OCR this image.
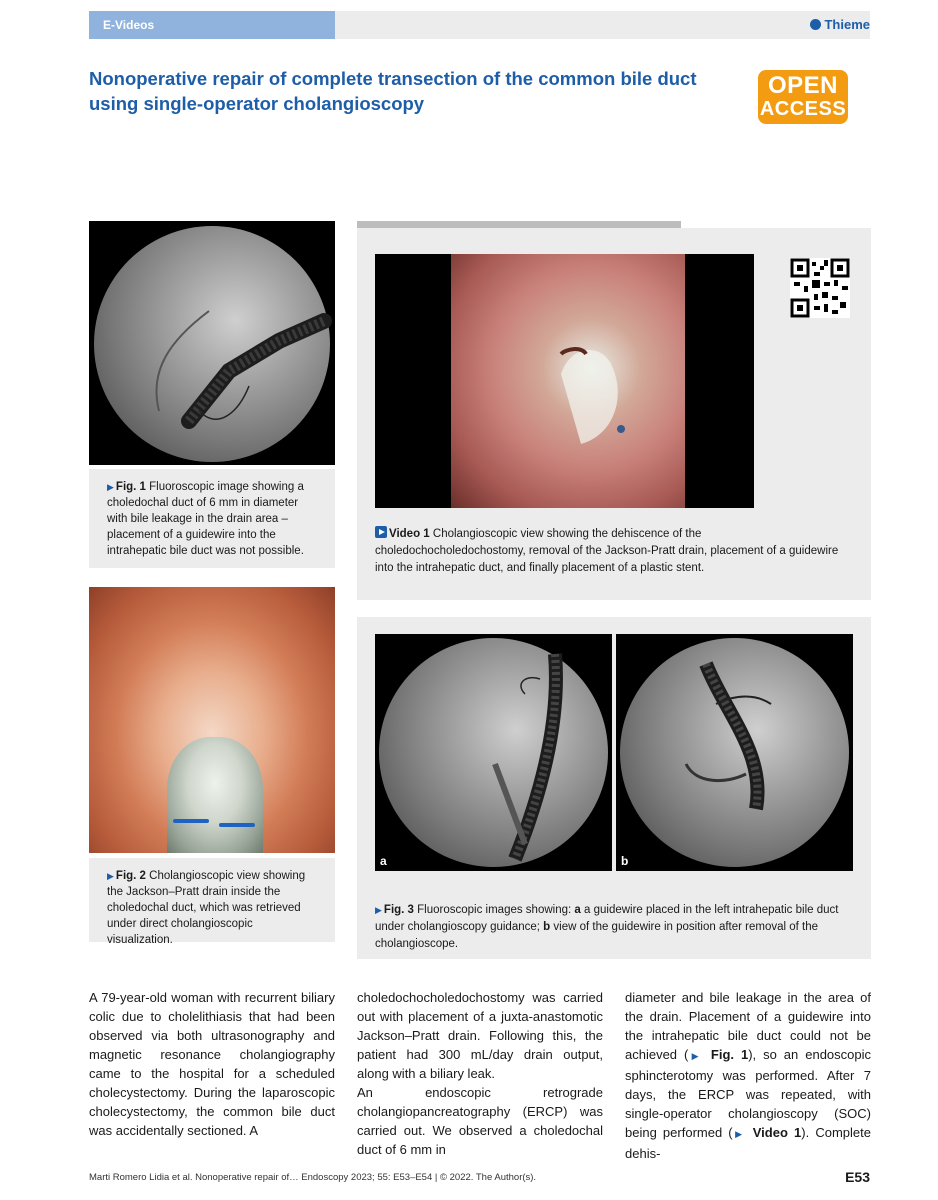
E-Videos	Thieme
Nonoperative repair of complete transection of the common bile duct using single-operator cholangioscopy
OPEN
ACCESS
▶ Fig. 1 Fluoroscopic image showing a choledochal duct of 6 mm in diameter with bile leakage in the drain area – placement of a guidewire into the intrahepatic bile duct was not possible.
Video 1 Cholangioscopic view showing the dehiscence of the choledochocholedochostomy, removal of the Jackson-Pratt drain, placement of a guidewire into the intrahepatic duct, and finally placement of a plastic stent.
▶ Fig. 2 Cholangioscopic view showing the Jackson–Pratt drain inside the choledochal duct, which was retrieved under direct cholangioscopic visualization.
a	b
▶ Fig. 3 Fluoroscopic images showing: a a guidewire placed in the left intrahepatic bile duct under cholangioscopy guidance; b view of the guidewire in position after removal of the cholangioscope.

A 79-year-old woman with recurrent biliary colic due to cholelithiasis that had been observed via both ultrasonography and magnetic resonance cholangiography came to the hospital for a scheduled cholecystectomy. During the laparoscopic cholecystectomy, the common bile duct was accidentally sectioned. A

choledochocholedochostomy was carried out with placement of a juxta-anastomotic Jackson–Pratt drain. Following this, the patient had 300 mL/day drain output, along with a biliary leak.

An endoscopic retrograde cholangiopancreatography (ERCP) was carried out. We observed a choledochal duct of 6 mm in

diameter and bile leakage in the area of the drain. Placement of a guidewire into the intrahepatic bile duct could not be achieved (▶ Fig. 1), so an endoscopic sphincterotomy was performed. After 7 days, the ERCP was repeated, with single-operator cholangioscopy (SOC) being performed (▶ Video 1). Complete dehis-

Marti Romero Lidia et al. Nonoperative repair of… Endoscopy 2023; 55: E53–E54 | © 2022. The Author(s).	E53
